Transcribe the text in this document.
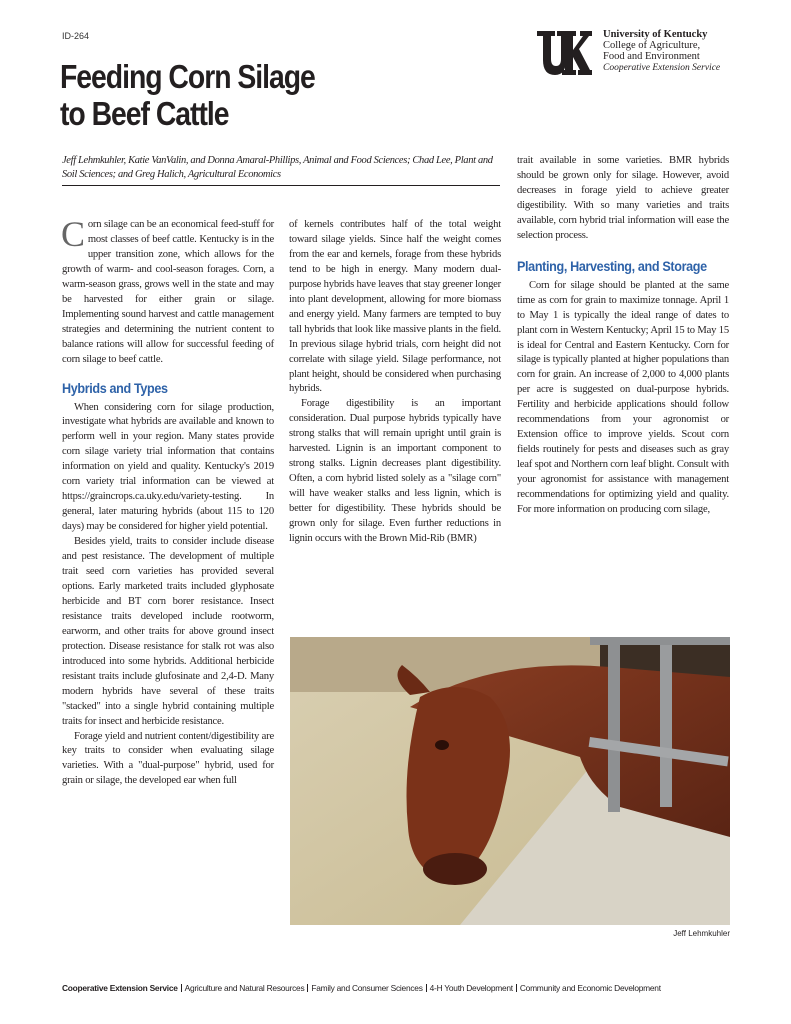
ID-264
Feeding Corn Silage
to Beef Cattle
UK	University of Kentucky
College of Agriculture,
Food and Environment
Cooperative Extension Service
Jeff Lehmkuhler, Katie VanValin, and Donna Amaral-Phillips, Animal and Food Sciences; Chad Lee, Plant and Soil Sciences; and Greg Halich, Agricultural Economics

Corn silage can be an economical feed-stuff for most classes of beef cattle. Kentucky is in the upper transition zone, which allows for the growth of warm- and cool-season forages. Corn, a warm-season grass, grows well in the state and may be harvested for either grain or silage. Implementing sound harvest and cattle management strategies and determining the nutrient content to balance rations will allow for successful feeding of corn silage to beef cattle.

Hybrids and Types

When considering corn for silage production, investigate what hybrids are available and known to perform well in your region. Many states provide corn silage variety trial information that contains information on yield and quality. Kentucky's 2019 corn variety trial information can be viewed at https://graincrops.ca.uky.edu/variety-testing. In general, later maturing hybrids (about 115 to 120 days) may be considered for higher yield potential.

Besides yield, traits to consider include disease and pest resistance. The development of multiple trait seed corn varieties has provided several options. Early marketed traits included glyphosate herbicide and BT corn borer resistance. Insect resistance traits developed include rootworm, earworm, and other traits for above ground insect protection. Disease resistance for stalk rot was also introduced into some hybrids. Additional herbicide resistant traits include glufosinate and 2,4-D. Many modern hybrids have several of these traits "stacked" into a single hybrid containing multiple traits for insect and herbicide resistance.

Forage yield and nutrient content/digestibility are key traits to consider when evaluating silage varieties. With a "dual-purpose" hybrid, used for grain or silage, the developed ear when full

of kernels contributes half of the total weight toward silage yields. Since half the weight comes from the ear and kernels, forage from these hybrids tend to be high in energy. Many modern dual-purpose hybrids have leaves that stay greener longer into plant development, allowing for more biomass and energy yield. Many farmers are tempted to buy tall hybrids that look like massive plants in the field. In previous silage hybrid trials, corn height did not correlate with silage yield. Silage performance, not plant height, should be considered when purchasing hybrids.

Forage digestibility is an important consideration. Dual purpose hybrids typically have strong stalks that will remain upright until grain is harvested. Lignin is an important component to strong stalks. Lignin decreases plant digestibility. Often, a corn hybrid listed solely as a "silage corn" will have weaker stalks and less lignin, which is better for digestibility. These hybrids should be grown only for silage. Even further reductions in lignin occurs with the Brown Mid-Rib (BMR)

trait available in some varieties. BMR hybrids should be grown only for silage. However, avoid decreases in forage yield to achieve greater digestibility. With so many varieties and traits available, corn hybrid trial information will ease the selection process.

Planting, Harvesting, and Storage

Corn for silage should be planted at the same time as corn for grain to maximize tonnage. April 1 to May 1 is typically the ideal range of dates to plant corn in Western Kentucky; April 15 to May 15 is ideal for Central and Eastern Kentucky. Corn for silage is typically planted at higher populations than corn for grain. An increase of 2,000 to 4,000 plants per acre is suggested on dual-purpose hybrids. Fertility and herbicide applications should follow recommendations from your agronomist or Extension office to improve yields. Scout corn fields routinely for pests and diseases such as gray leaf spot and Northern corn leaf blight. Consult with your agronomist for assistance with management recommendations for optimizing yield and quality. For more information on producing corn silage,

Jeff Lehmkuhler
Cooperative Extension Service Agriculture and Natural Resources Family and Consumer Sciences 4-H Youth Development Community and Economic Development
